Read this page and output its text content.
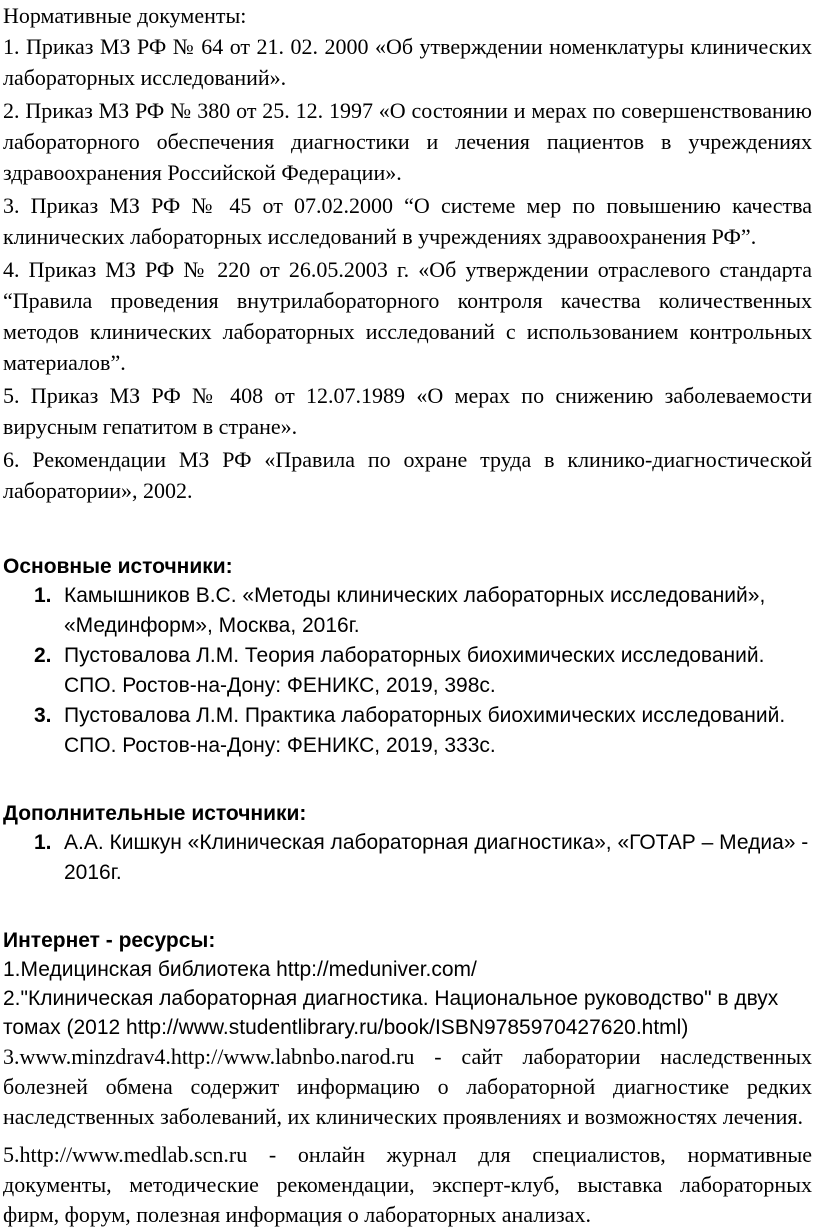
Нормативные документы:

1. Приказ МЗ РФ № 64 от 21. 02. 2000 «Об утверждении номенклатуры клинических лабораторных исследований».

2. Приказ МЗ РФ № 380 от 25. 12. 1997 «О состоянии и мерах по совершенствованию лабораторного обеспечения диагностики и лечения пациентов в учреждениях здравоохранения Российской Федерации».

3. Приказ МЗ РФ № 45 от 07.02.2000 “О системе мер по повышению качества клинических лабораторных исследований в учреждениях здравоохранения РФ”.

4. Приказ МЗ РФ № 220 от 26.05.2003 г. «Об утверждении отраслевого стандарта “Правила проведения внутрилабораторного контроля качества количественных методов клинических лабораторных исследований с использованием контрольных материалов”.

5. Приказ МЗ РФ № 408 от 12.07.1989 «О мерах по снижению заболеваемости вирусным гепатитом в стране».

6. Рекомендации МЗ РФ «Правила по охране труда в клинико-диагностической лаборатории», 2002.

Основные источники:

1. Камышников В.С. «Методы клинических лабораторных исследований», «Мединформ», Москва, 2016г.
2. Пустовалова Л.М. Теория лабораторных биохимических исследований. СПО. Ростов-на-Дону: ФЕНИКС, 2019, 398с.
3. Пустовалова Л.М. Практика лабораторных биохимических исследований. СПО. Ростов-на-Дону: ФЕНИКС, 2019, 333с.

Дополнительные источники:

1. А.А. Кишкун «Клиническая лабораторная диагностика», «ГОТАР – Медиа» - 2016г.

Интернет - ресурсы:

1.Медицинская библиотека http://meduniver.com/

2."Клиническая лабораторная диагностика. Национальное руководство" в двух томах (2012 http://www.studentlibrary.ru/book/ISBN9785970427620.html)

3.www.minzdrav4.http://www.labnbo.narod.ru - сайт лаборатории наследственных болезней обмена содержит информацию о лабораторной диагностике редких наследственных заболеваний, их клинических проявлениях и возможностях лечения.

5.http://www.medlab.scn.ru - онлайн журнал для специалистов, нормативные документы, методические рекомендации, эксперт-клуб, выставка лабораторных фирм, форум, полезная информация о лабораторных анализах.
